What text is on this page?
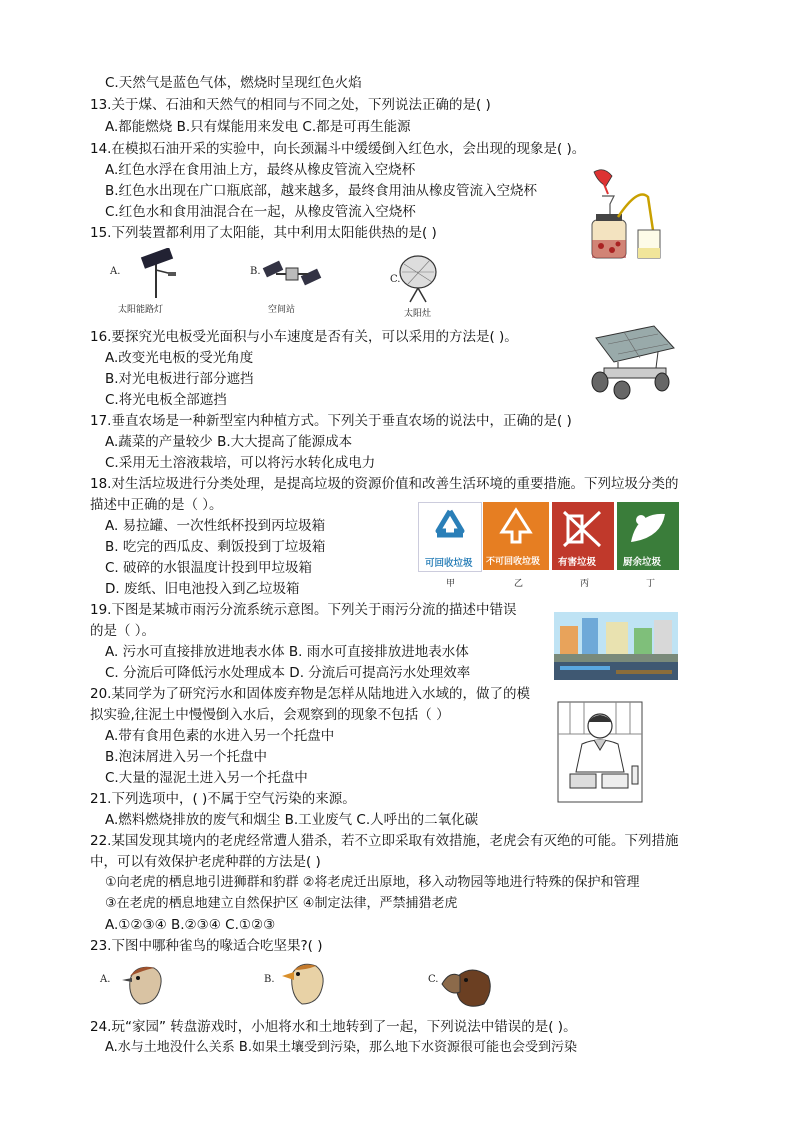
C.天然气是蓝色气体，燃烧时呈现红色火焰
13.关于煤、石油和天然气的相同与不同之处，下列说法正确的是( )
A.都能燃烧 B.只有煤能用来发电 C.都是可再生能源
14.在模拟石油开采的实验中，向长颈漏斗中缓缓倒入红色水，会出现的现象是( )。
A.红色水浮在食用油上方，最终从橡皮管流入空烧杯
B.红色水出现在广口瓶底部，越来越多，最终食用油从橡皮管流入空烧杯
C.红色水和食用油混合在一起，从橡皮管流入空烧杯
15.下列装置都利用了太阳能，其中利用太阳能供热的是( )
16.要探究光电板受光面积与小车速度是否有关，可以采用的方法是( )。
A.改变光电板的受光角度
B.对光电板进行部分遮挡
C.将光电板全部遮挡
17.垂直农场是一种新型室内种植方式。下列关于垂直农场的说法中，正确的是( )
A.蔬菜的产量较少 B.大大提高了能源成本
C.采用无土溶液栽培，可以将污水转化成电力
18.对生活垃圾进行分类处理，是提高垃圾的资源价值和改善生活环境的重要措施。下列垃圾分类的
描述中正确的是（ ）。
A. 易拉罐、一次性纸杯投到丙垃圾箱
B. 吃完的西瓜皮、剩饭投到丁垃圾箱
C. 破碎的水银温度计投到甲垃圾箱
D. 废纸、旧电池投入到乙垃圾箱
19.下图是某城市雨污分流系统示意图。下列关于雨污分流的描述中错误
的是（ ）。
A. 污水可直接排放进地表水体 B. 雨水可直接排放进地表水体
C. 分流后可降低污水处理成本 D. 分流后可提高污水处理效率
20.某同学为了研究污水和固体废弃物是怎样从陆地进入水域的，做了的模
拟实验,往泥土中慢慢倒入水后，会观察到的现象不包括（ ）
A.带有食用色素的水进入另一个托盘中
B.泡沫屑进入另一个托盘中
C.大量的湿泥土进入另一个托盘中
21.下列选项中，( )不属于空气污染的来源。
A.燃料燃烧排放的废气和烟尘 B.工业废气 C.人呼出的二氧化碳
22.某国发现其境内的老虎经常遭人猎杀，若不立即采取有效措施，老虎会有灭绝的可能。下列措施
中，可以有效保护老虎种群的方法是( )
①向老虎的栖息地引进狮群和豹群 ②将老虎迁出原地，移入动物园等地进行特殊的保护和管理
③在老虎的栖息地建立自然保护区 ④制定法律，严禁捕猎老虎
A.①②③④ B.②③④ C.①②③
23.下图中哪种雀鸟的喙适合吃坚果?( )
24.玩“家园” 转盘游戏时，小旭将水和土地转到了一起，下列说法中错误的是( )。
A.水与土地没什么关系 B.如果土壤受到污染，那么地下水资源很可能也会受到污染
A.
太阳能路灯
B.
空间站
C.
太阳灶
可回收垃圾 不可回收垃圾 有害垃圾	厨余垃圾
甲	乙	丙	丁
A.	B.	C.
